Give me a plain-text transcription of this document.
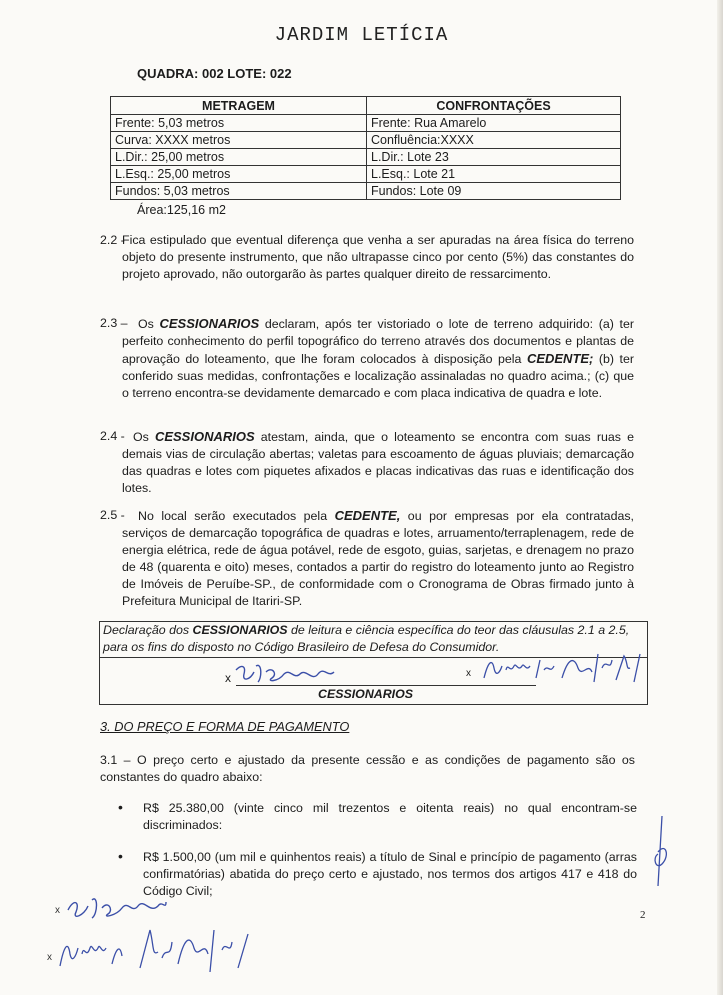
JARDIM LETÍCIA
QUADRA: 002 LOTE: 022
METRAGEM	CONFRONTAÇÕES
Frente: 5,03 metros	Frente: Rua Amarelo
Curva: XXXX metros	Confluência:XXXX
L.Dir.: 25,00 metros	L.Dir.: Lote 23
L.Esq.: 25,00 metros	L.Esq.: Lote 21
Fundos: 5,03 metros	Fundos: Lote 09
Área:125,16 m2
2.2 -
Fica estipulado que eventual diferença que venha a ser apuradas na área física do terreno objeto do presente instrumento, que não ultrapasse cinco por cento (5%) das constantes do projeto aprovado, não outorgarão às partes qualquer direito de ressarcimento.
2.3 – Os CESSIONARIOS declaram, após ter vistoriado o lote de terreno adquirido: (a) ter perfeito conhecimento do perfil topográfico do terreno através dos documentos e plantas de aprovação do loteamento, que lhe foram colocados à disposição pela CEDENTE; (b) ter conferido suas medidas, confrontações e localização assinaladas no quadro acima.; (c) que o terreno encontra-se devidamente demarcado e com placa indicativa de quadra e lote.
2.4 - Os CESSIONARIOS atestam, ainda, que o loteamento se encontra com suas ruas e demais vias de circulação abertas; valetas para escoamento de águas pluviais; demarcação das quadras e lotes com piquetes afixados e placas indicativas das ruas e identificação dos lotes.
2.5 - No local serão executados pela CEDENTE, ou por empresas por ela contratadas, serviços de demarcação topográfica de quadras e lotes, arruamento/terraplenagem, rede de energia elétrica, rede de água potável, rede de esgoto, guias, sarjetas, e drenagem no prazo de 48 (quarenta e oito) meses, contados a partir do registro do loteamento junto ao Registro de Imóveis de Peruíbe-SP., de conformidade com o Cronograma de Obras firmado junto à Prefeitura Municipal de Itariri-SP.
Declaração dos CESSIONARIOS de leitura e ciência específica do teor das cláusulas 2.1 a 2.5, para os fins do disposto no Código Brasileiro de Defesa do Consumidor.
x	x
CESSIONARIOS
3. DO PREÇO E FORMA DE PAGAMENTO
3.1 – O preço certo e ajustado da presente cessão e as condições de pagamento são os constantes do quadro abaixo:
• R$ 25.380,00 (vinte cinco mil trezentos e oitenta reais) no qual encontram-se discriminados:
• R$ 1.500,00 (um mil e quinhentos reais) a título de Sinal e princípio de pagamento (arras confirmatórias) abatida do preço certo e ajustado, nos termos dos artigos 417 e 418 do Código Civil;
2
x
x
